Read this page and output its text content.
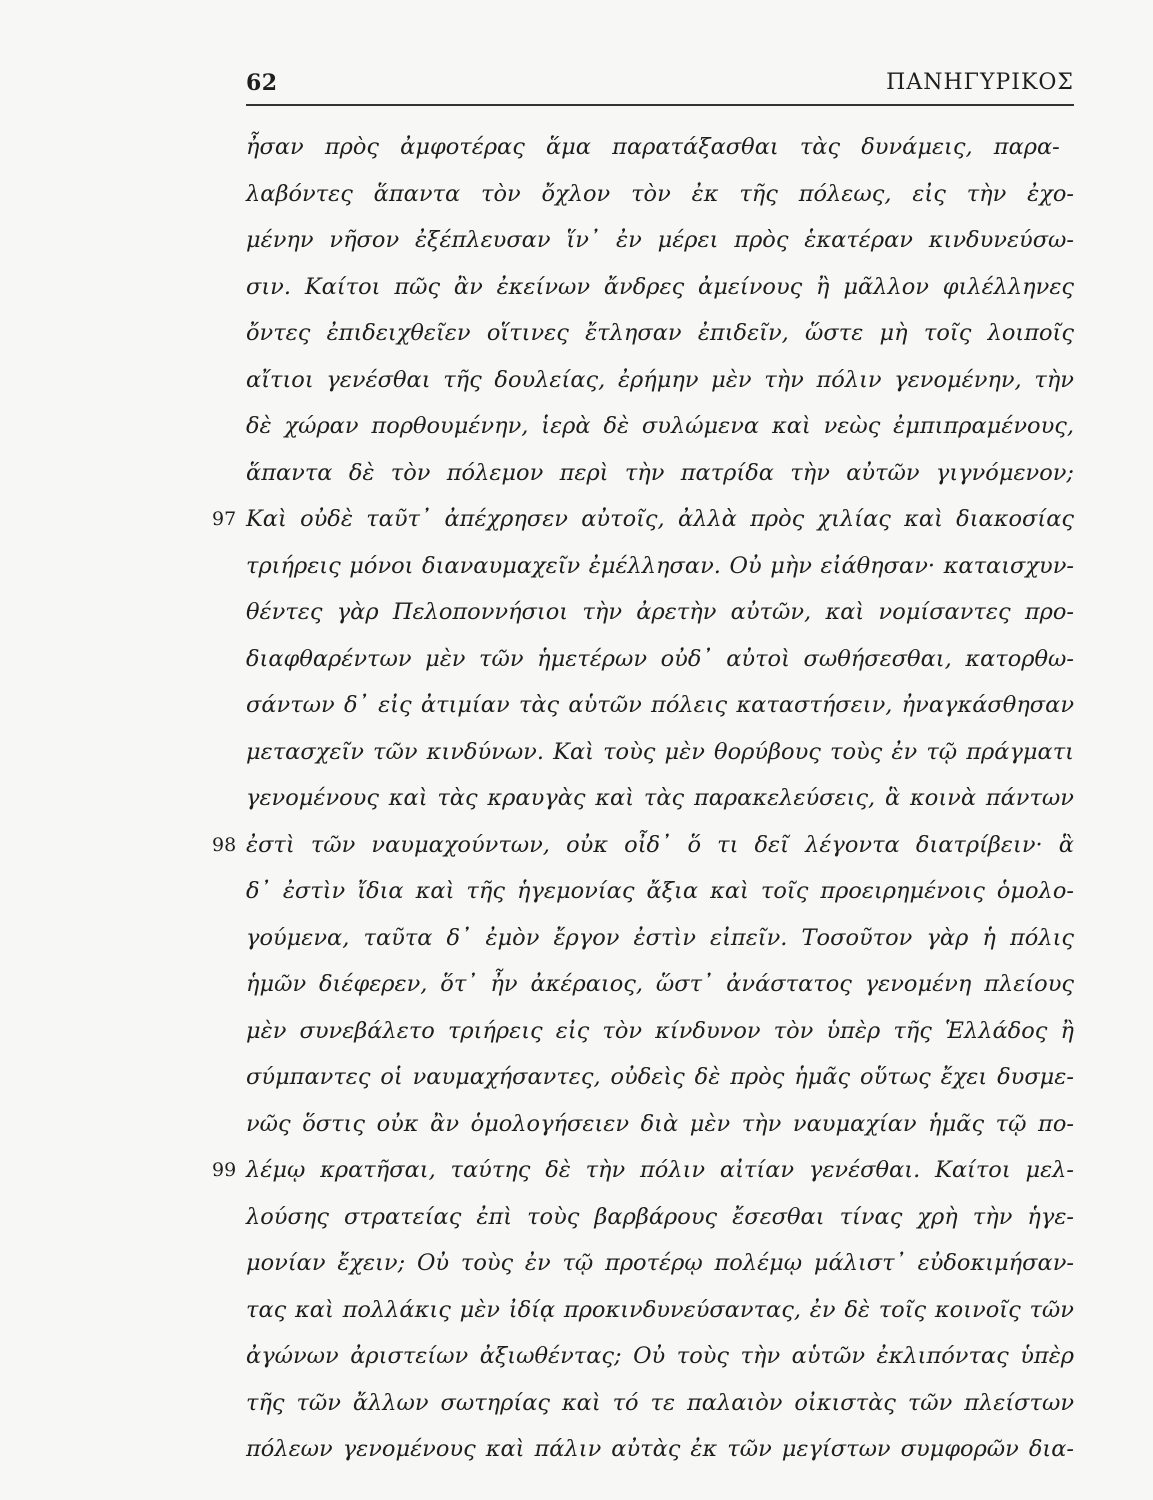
62	ΠΑΝΗΓΥΡΙΚΟΣ
ἦσαν πρὸς ἀμφοτέρας ἅμα παρατάξασθαι τὰς δυνάμεις, παρα-
λαβόντες ἅπαντα τὸν ὄχλον τὸν ἐκ τῆς πόλεως, εἰς τὴν ἐχο-
μένην νῆσον ἐξέπλευσαν ἵν᾿ ἐν μέρει πρὸς ἑκατέραν κινδυνεύσω-
σιν. Καίτοι πῶς ἂν ἐκείνων ἄνδρες ἀμείνους ἢ μᾶλλον φιλέλληνες
ὄντες ἐπιδειχθεῖεν οἵτινες ἔτλησαν ἐπιδεῖν, ὥστε μὴ τοῖς λοιποῖς
αἴτιοι γενέσθαι τῆς δουλείας, ἐρήμην μὲν τὴν πόλιν γενομένην, τὴν
δὲ χώραν πορθουμένην, ἱερὰ δὲ συλώμενα καὶ νεὼς ἐμπιπραμένους,
ἅπαντα δὲ τὸν πόλεμον περὶ τὴν πατρίδα τὴν αὐτῶν γιγνόμενον;
97 Καὶ οὐδὲ ταῦτ᾿ ἀπέχρησεν αὐτοῖς, ἀλλὰ πρὸς χιλίας καὶ διακοσίας
τριήρεις μόνοι διαναυμαχεῖν ἐμέλλησαν. Οὐ μὴν εἰάθησαν· καταισχυν-
θέντες γὰρ Πελοποννήσιοι τὴν ἀρετὴν αὐτῶν, καὶ νομίσαντες προ-
διαφθαρέντων μὲν τῶν ἡμετέρων οὐδ᾿ αὐτοὶ σωθήσεσθαι, κατορθω-
σάντων δ᾿ εἰς ἀτιμίαν τὰς αὑτῶν πόλεις καταστήσειν, ἠναγκάσθησαν
μετασχεῖν τῶν κινδύνων. Καὶ τοὺς μὲν θορύβους τοὺς ἐν τῷ πράγματι
γενομένους καὶ τὰς κραυγὰς καὶ τὰς παρακελεύσεις, ἃ κοινὰ πάντων
98 ἐστὶ τῶν ναυμαχούντων, οὐκ οἶδ᾿ ὅ τι δεῖ λέγοντα διατρίβειν· ἃ
δ᾿ ἐστὶν ἴδια καὶ τῆς ἡγεμονίας ἄξια καὶ τοῖς προειρημένοις ὁμολο-
γούμενα, ταῦτα δ᾿ ἐμὸν ἔργον ἐστὶν εἰπεῖν. Τοσοῦτον γὰρ ἡ πόλις
ἡμῶν διέφερεν, ὅτ᾿ ἦν ἀκέραιος, ὥστ᾿ ἀνάστατος γενομένη πλείους
μὲν συνεβάλετο τριήρεις εἰς τὸν κίνδυνον τὸν ὑπὲρ τῆς Ἑλλάδος ἢ
σύμπαντες οἱ ναυμαχήσαντες, οὐδεὶς δὲ πρὸς ἡμᾶς οὕτως ἔχει δυσμε-
νῶς ὅστις οὐκ ἂν ὁμολογήσειεν διὰ μὲν τὴν ναυμαχίαν ἡμᾶς τῷ πο-
99 λέμῳ κρατῆσαι, ταύτης δὲ τὴν πόλιν αἰτίαν γενέσθαι. Καίτοι μελ-
λούσης στρατείας ἐπὶ τοὺς βαρβάρους ἔσεσθαι τίνας χρὴ τὴν ἡγε-
μονίαν ἔχειν; Οὐ τοὺς ἐν τῷ προτέρῳ πολέμῳ μάλιστ᾿ εὐδοκιμήσαν-
τας καὶ πολλάκις μὲν ἰδίᾳ προκινδυνεύσαντας, ἐν δὲ τοῖς κοινοῖς τῶν
ἀγώνων ἀριστείων ἀξιωθέντας; Οὐ τοὺς τὴν αὑτῶν ἐκλιπόντας ὑπὲρ
τῆς τῶν ἄλλων σωτηρίας καὶ τό τε παλαιὸν οἰκιστὰς τῶν πλείστων
πόλεων γενομένους καὶ πάλιν αὐτὰς ἐκ τῶν μεγίστων συμφορῶν δια-
